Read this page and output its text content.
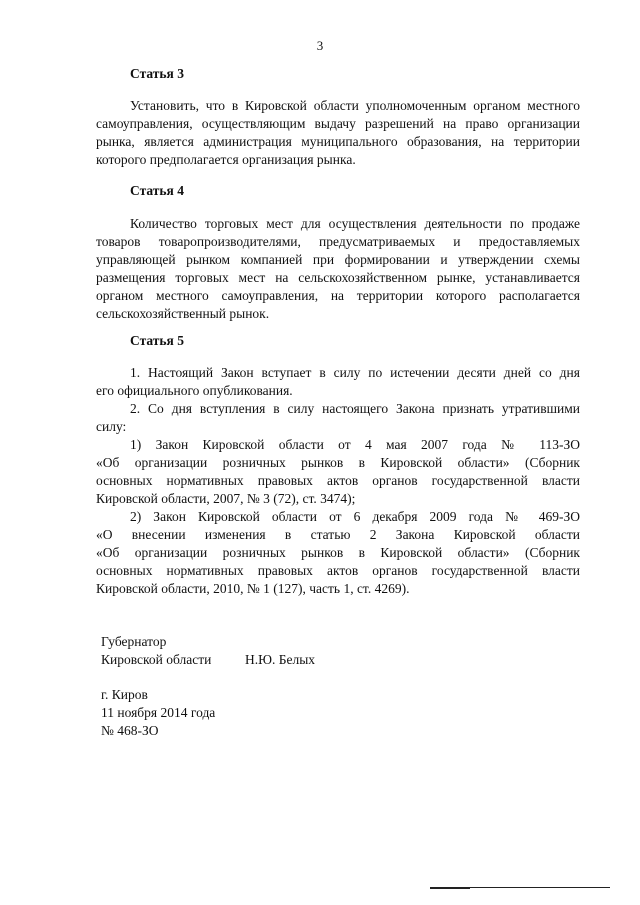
3
Статья 3
Установить, что в Кировской области уполномоченным органом местного самоуправления, осуществляющим выдачу разрешений на право организации рынка, является администрация муниципального образования, на территории которого предполагается организация рынка.
Статья 4
Количество торговых мест для осуществления деятельности по продаже товаров товаропроизводителями, предусматриваемых и предоставляемых управляющей рынком компанией при формировании и утверждении схемы размещения торговых мест на сельскохозяйственном рынке, устанавливается органом местного самоуправления, на территории которого располагается сельскохозяйственный рынок.
Статья 5
1. Настоящий Закон вступает в силу по истечении десяти дней со дня
его официального опубликования.
2. Со дня вступления в силу настоящего Закона признать утратившими
силу:
1) Закон Кировской области от 4 мая 2007 года № 113-ЗО
«Об организации розничных рынков в Кировской области» (Сборник
основных нормативных правовых актов органов государственной власти
Кировской области, 2007, № 3 (72), ст. 3474);
2) Закон Кировской области от 6 декабря 2009 года № 469-ЗО
«О внесении изменения в статью 2 Закона Кировской области
«Об организации розничных рынков в Кировской области» (Сборник
основных нормативных правовых актов органов государственной власти
Кировской области, 2010, № 1 (127), часть 1, ст. 4269).
Губернатор
Кировской области Н.Ю. Белых
г. Киров
11 ноября 2014 года
№ 468-ЗО
